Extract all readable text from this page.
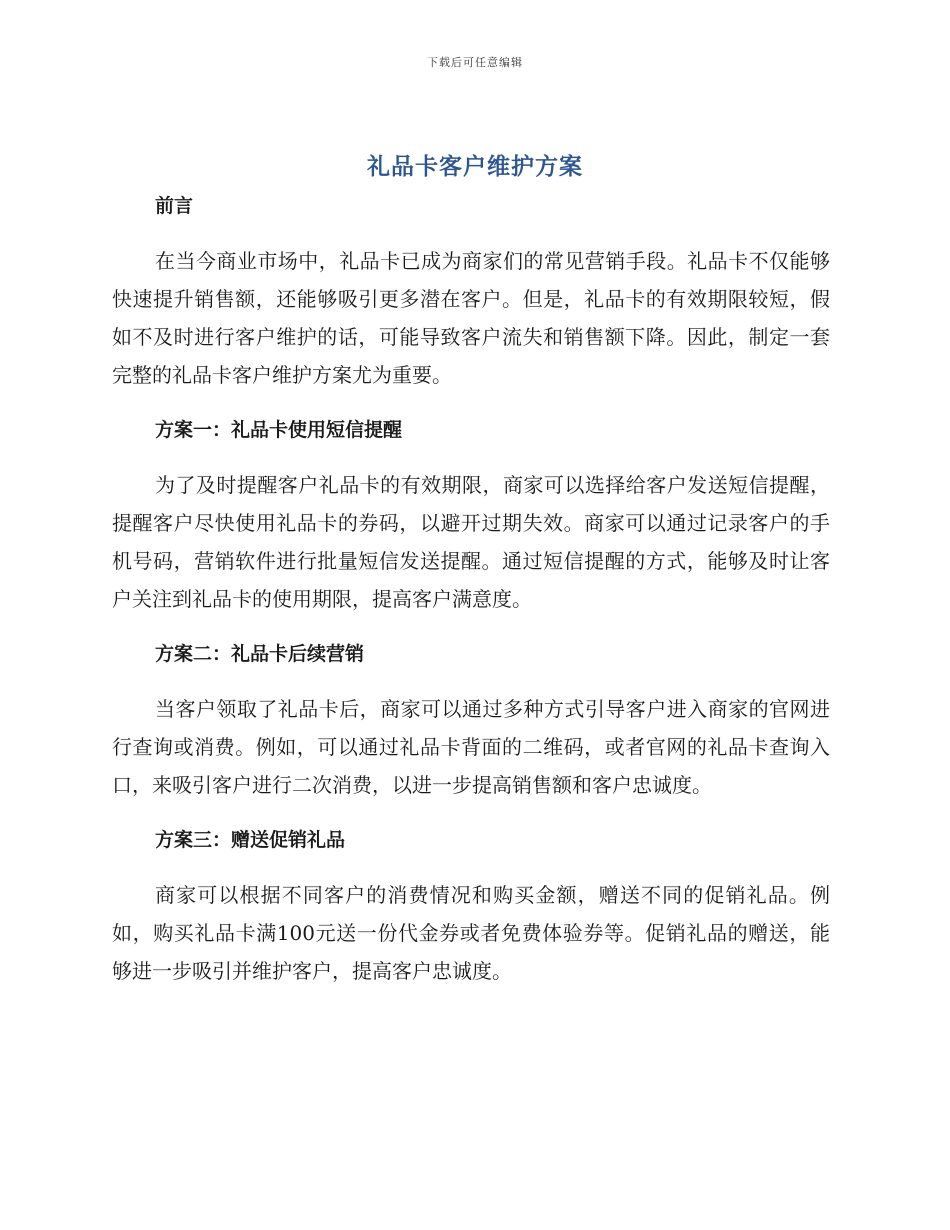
下载后可任意编辑
礼品卡客户维护方案
前言

在当今商业市场中，礼品卡已成为商家们的常见营销手段。礼品卡不仅能够快速提升销售额，还能够吸引更多潜在客户。但是，礼品卡的有效期限较短，假如不及时进行客户维护的话，可能导致客户流失和销售额下降。因此，制定一套完整的礼品卡客户维护方案尤为重要。

方案一：礼品卡使用短信提醒

为了及时提醒客户礼品卡的有效期限，商家可以选择给客户发送短信提醒，提醒客户尽快使用礼品卡的券码，以避开过期失效。商家可以通过记录客户的手机号码，营销软件进行批量短信发送提醒。通过短信提醒的方式，能够及时让客户关注到礼品卡的使用期限，提高客户满意度。

方案二：礼品卡后续营销

当客户领取了礼品卡后，商家可以通过多种方式引导客户进入商家的官网进行查询或消费。例如，可以通过礼品卡背面的二维码，或者官网的礼品卡查询入口，来吸引客户进行二次消费，以进一步提高销售额和客户忠诚度。

方案三：赠送促销礼品

商家可以根据不同客户的消费情况和购买金额，赠送不同的促销礼品。例如，购买礼品卡满100元送一份代金券或者免费体验券等。促销礼品的赠送，能够进一步吸引并维护客户，提高客户忠诚度。
